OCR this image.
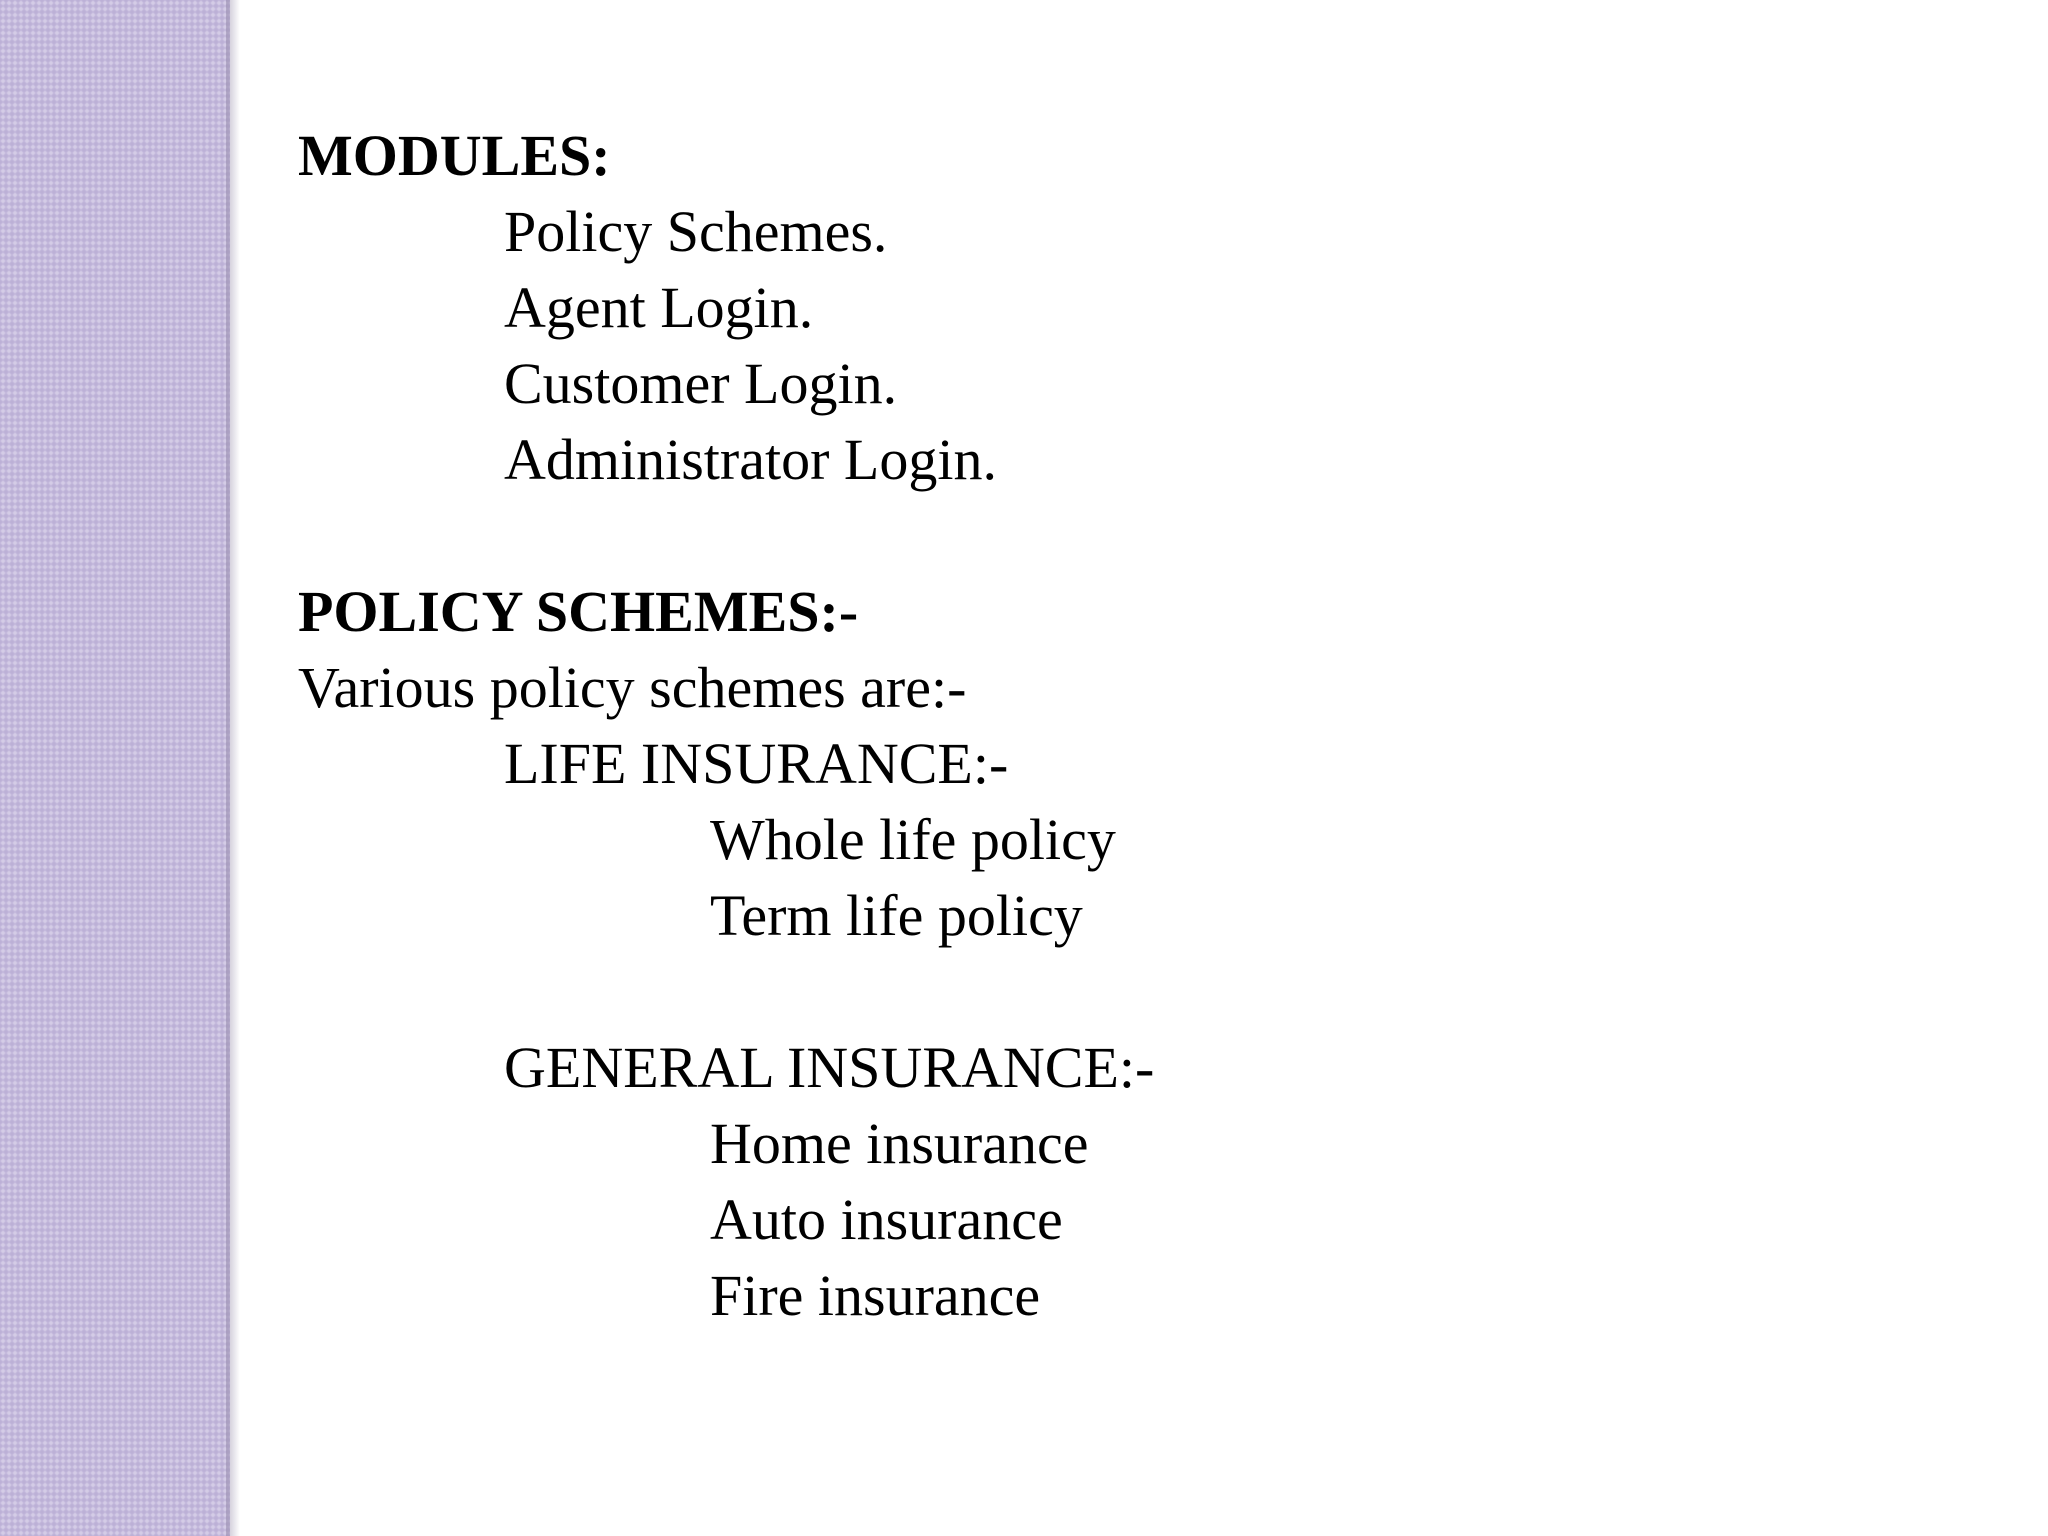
MODULES:
Policy Schemes.
Agent Login.
Customer Login.
Administrator Login.
POLICY SCHEMES:-
Various policy schemes are:-
LIFE INSURANCE:-
Whole life policy
Term life policy
GENERAL INSURANCE:-
Home insurance
Auto insurance
Fire insurance
